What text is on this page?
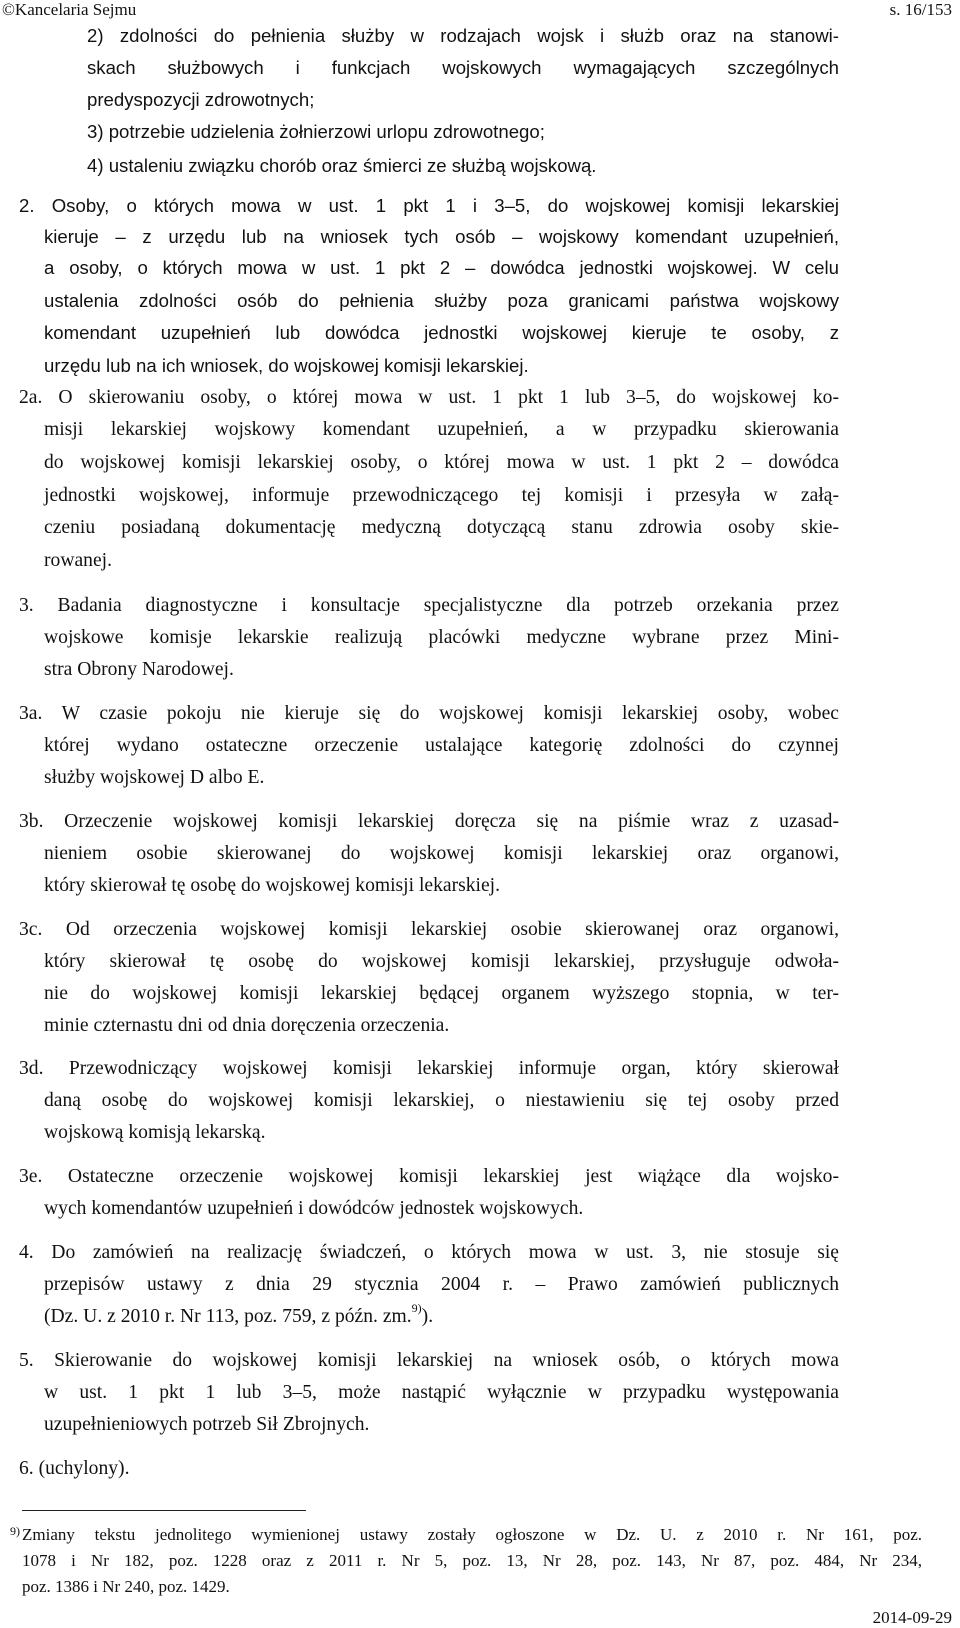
©Kancelaria Sejmu	s. 16/153
2) zdolności do pełnienia służby w rodzajach wojsk i służb oraz na stanowi-
skach służbowych i funkcjach wojskowych wymagających szczególnych
predyspozycji zdrowotnych;
3) potrzebie udzielenia żołnierzowi urlopu zdrowotnego;
4) ustaleniu związku chorób oraz śmierci ze służbą wojskową.
2. Osoby, o których mowa w ust. 1 pkt 1 i 3–5, do wojskowej komisji lekarskiej
kieruje – z urzędu lub na wniosek tych osób – wojskowy komendant uzupełnień,
a osoby, o których mowa w ust. 1 pkt 2 – dowódca jednostki wojskowej. W celu
ustalenia zdolności osób do pełnienia służby poza granicami państwa wojskowy
komendant uzupełnień lub dowódca jednostki wojskowej kieruje te osoby, z
urzędu lub na ich wniosek, do wojskowej komisji lekarskiej.
2a. O skierowaniu osoby, o której mowa w ust. 1 pkt 1 lub 3–5, do wojskowej ko-
misji lekarskiej wojskowy komendant uzupełnień, a w przypadku skierowania
do wojskowej komisji lekarskiej osoby, o której mowa w ust. 1 pkt 2 – dowódca
jednostki wojskowej, informuje przewodniczącego tej komisji i przesyła w załą-
czeniu posiadaną dokumentację medyczną dotyczącą stanu zdrowia osoby skie-
rowanej.
3. Badania diagnostyczne i konsultacje specjalistyczne dla potrzeb orzekania przez
wojskowe komisje lekarskie realizują placówki medyczne wybrane przez Mini-
stra Obrony Narodowej.
3a. W czasie pokoju nie kieruje się do wojskowej komisji lekarskiej osoby, wobec
której wydano ostateczne orzeczenie ustalające kategorię zdolności do czynnej
służby wojskowej D albo E.
3b. Orzeczenie wojskowej komisji lekarskiej doręcza się na piśmie wraz z uzasad-
nieniem osobie skierowanej do wojskowej komisji lekarskiej oraz organowi,
który skierował tę osobę do wojskowej komisji lekarskiej.
3c. Od orzeczenia wojskowej komisji lekarskiej osobie skierowanej oraz organowi,
który skierował tę osobę do wojskowej komisji lekarskiej, przysługuje odwoła-
nie do wojskowej komisji lekarskiej będącej organem wyższego stopnia, w ter-
minie czternastu dni od dnia doręczenia orzeczenia.
3d. Przewodniczący wojskowej komisji lekarskiej informuje organ, który skierował
daną osobę do wojskowej komisji lekarskiej, o niestawieniu się tej osoby przed
wojskową komisją lekarską.
3e. Ostateczne orzeczenie wojskowej komisji lekarskiej jest wiążące dla wojsko-
wych komendantów uzupełnień i dowódców jednostek wojskowych.
4. Do zamówień na realizację świadczeń, o których mowa w ust. 3, nie stosuje się
przepisów ustawy z dnia 29 stycznia 2004 r. – Prawo zamówień publicznych
(Dz. U. z 2010 r. Nr 113, poz. 759, z późn. zm.$^{9)}$).
5. Skierowanie do wojskowej komisji lekarskiej na wniosek osób, o których mowa
w ust. 1 pkt 1 lub 3–5, może nastąpić wyłącznie w przypadku występowania
uzupełnieniowych potrzeb Sił Zbrojnych.
6. (uchylony).
9) Zmiany tekstu jednolitego wymienionej ustawy zostały ogłoszone w Dz. U. z 2010 r. Nr 161, poz.
1078 i Nr 182, poz. 1228 oraz z 2011 r. Nr 5, poz. 13, Nr 28, poz. 143, Nr 87, poz. 484, Nr 234,
poz. 1386 i Nr 240, poz. 1429.
2014-09-29
